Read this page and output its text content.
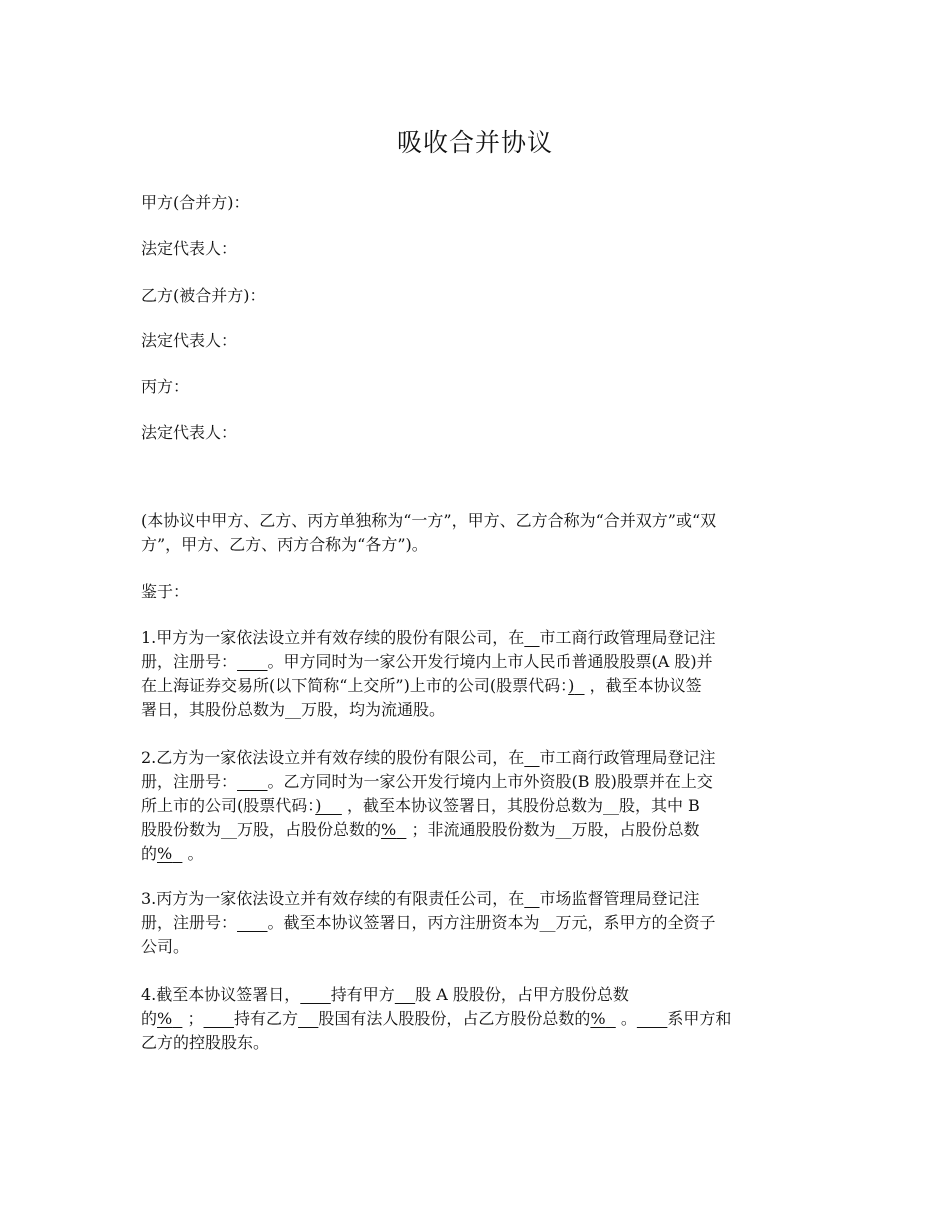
吸收合并协议
甲方(合并方)：
法定代表人：
乙方(被合并方)：
法定代表人：
丙方：
法定代表人：

(本协议中甲方、乙方、丙方单独称为“一方”，甲方、乙方合称为“合并双方”或“双

方”，甲方、乙方、丙方合称为“各方”)。

鉴于：

1.甲方为一家依法设立并有效存续的股份有限公司，在 市工商行政管理局登记注

册，注册号： 。甲方同时为一家公开发行境内上市人民币普通股股票(A 股)并

在上海证券交易所(以下简称“上交所”)上市的公司(股票代码：) ，截至本协议签

署日，其股份总数为__万股，均为流通股。

2.乙方为一家依法设立并有效存续的股份有限公司，在 市工商行政管理局登记注

册，注册号： 。乙方同时为一家公开发行境内上市外资股(B 股)股票并在上交

所上市的公司(股票代码：) ，截至本协议签署日，其股份总数为__股，其中 B

股股份数为__万股，占股份总数的% ；非流通股股份数为__万股，占股份总数

的% 。

3.丙方为一家依法设立并有效存续的有限责任公司，在 市场监督管理局登记注

册，注册号： 。截至本协议签署日，丙方注册资本为__万元，系甲方的全资子

公司。

4.截至本协议签署日， 持有甲方 股 A 股股份，占甲方股份总数

的% ； 持有乙方 股国有法人股股份，占乙方股份总数的% 。 系甲方和

乙方的控股股东。
